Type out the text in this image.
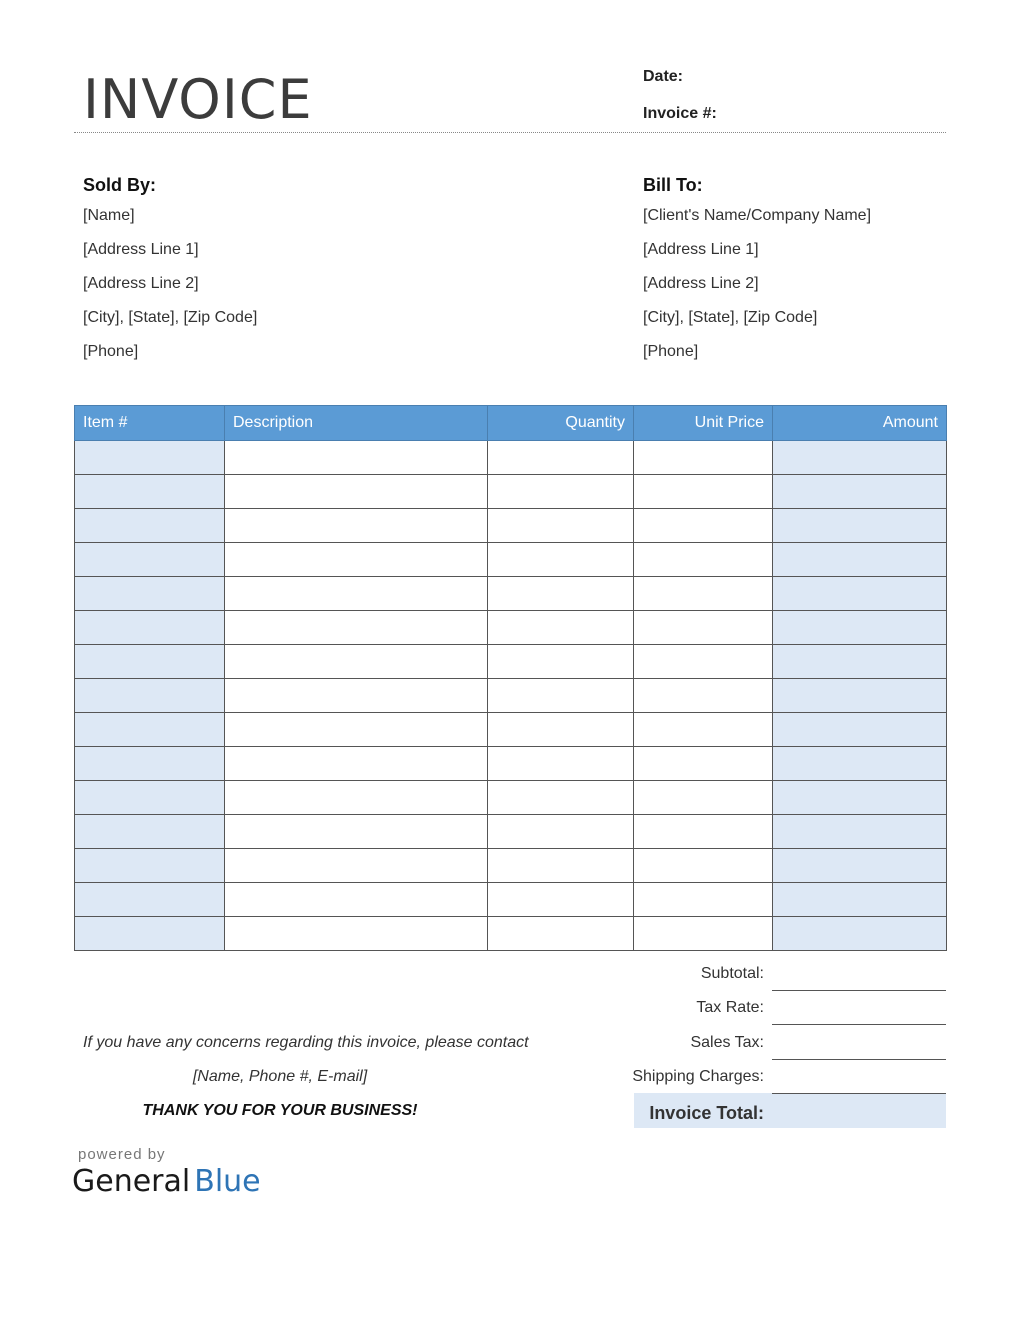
INVOICE	Date:
Invoice #:
Sold By:
[Name]
[Address Line 1]
[Address Line 2]
[City], [State], [Zip Code]
[Phone]
Bill To:
[Client's Name/Company Name]
[Address Line 1]
[Address Line 2]
[City], [State], [Zip Code]
[Phone]
Item #	Description	Quantity	Unit Price	Amount

Subtotal:
Tax Rate:
Sales Tax:
Shipping Charges:
Invoice Total:
If you have any concerns regarding this invoice, please contact
[Name, Phone #, E-mail]
THANK YOU FOR YOUR BUSINESS!
powered by
General Blue
